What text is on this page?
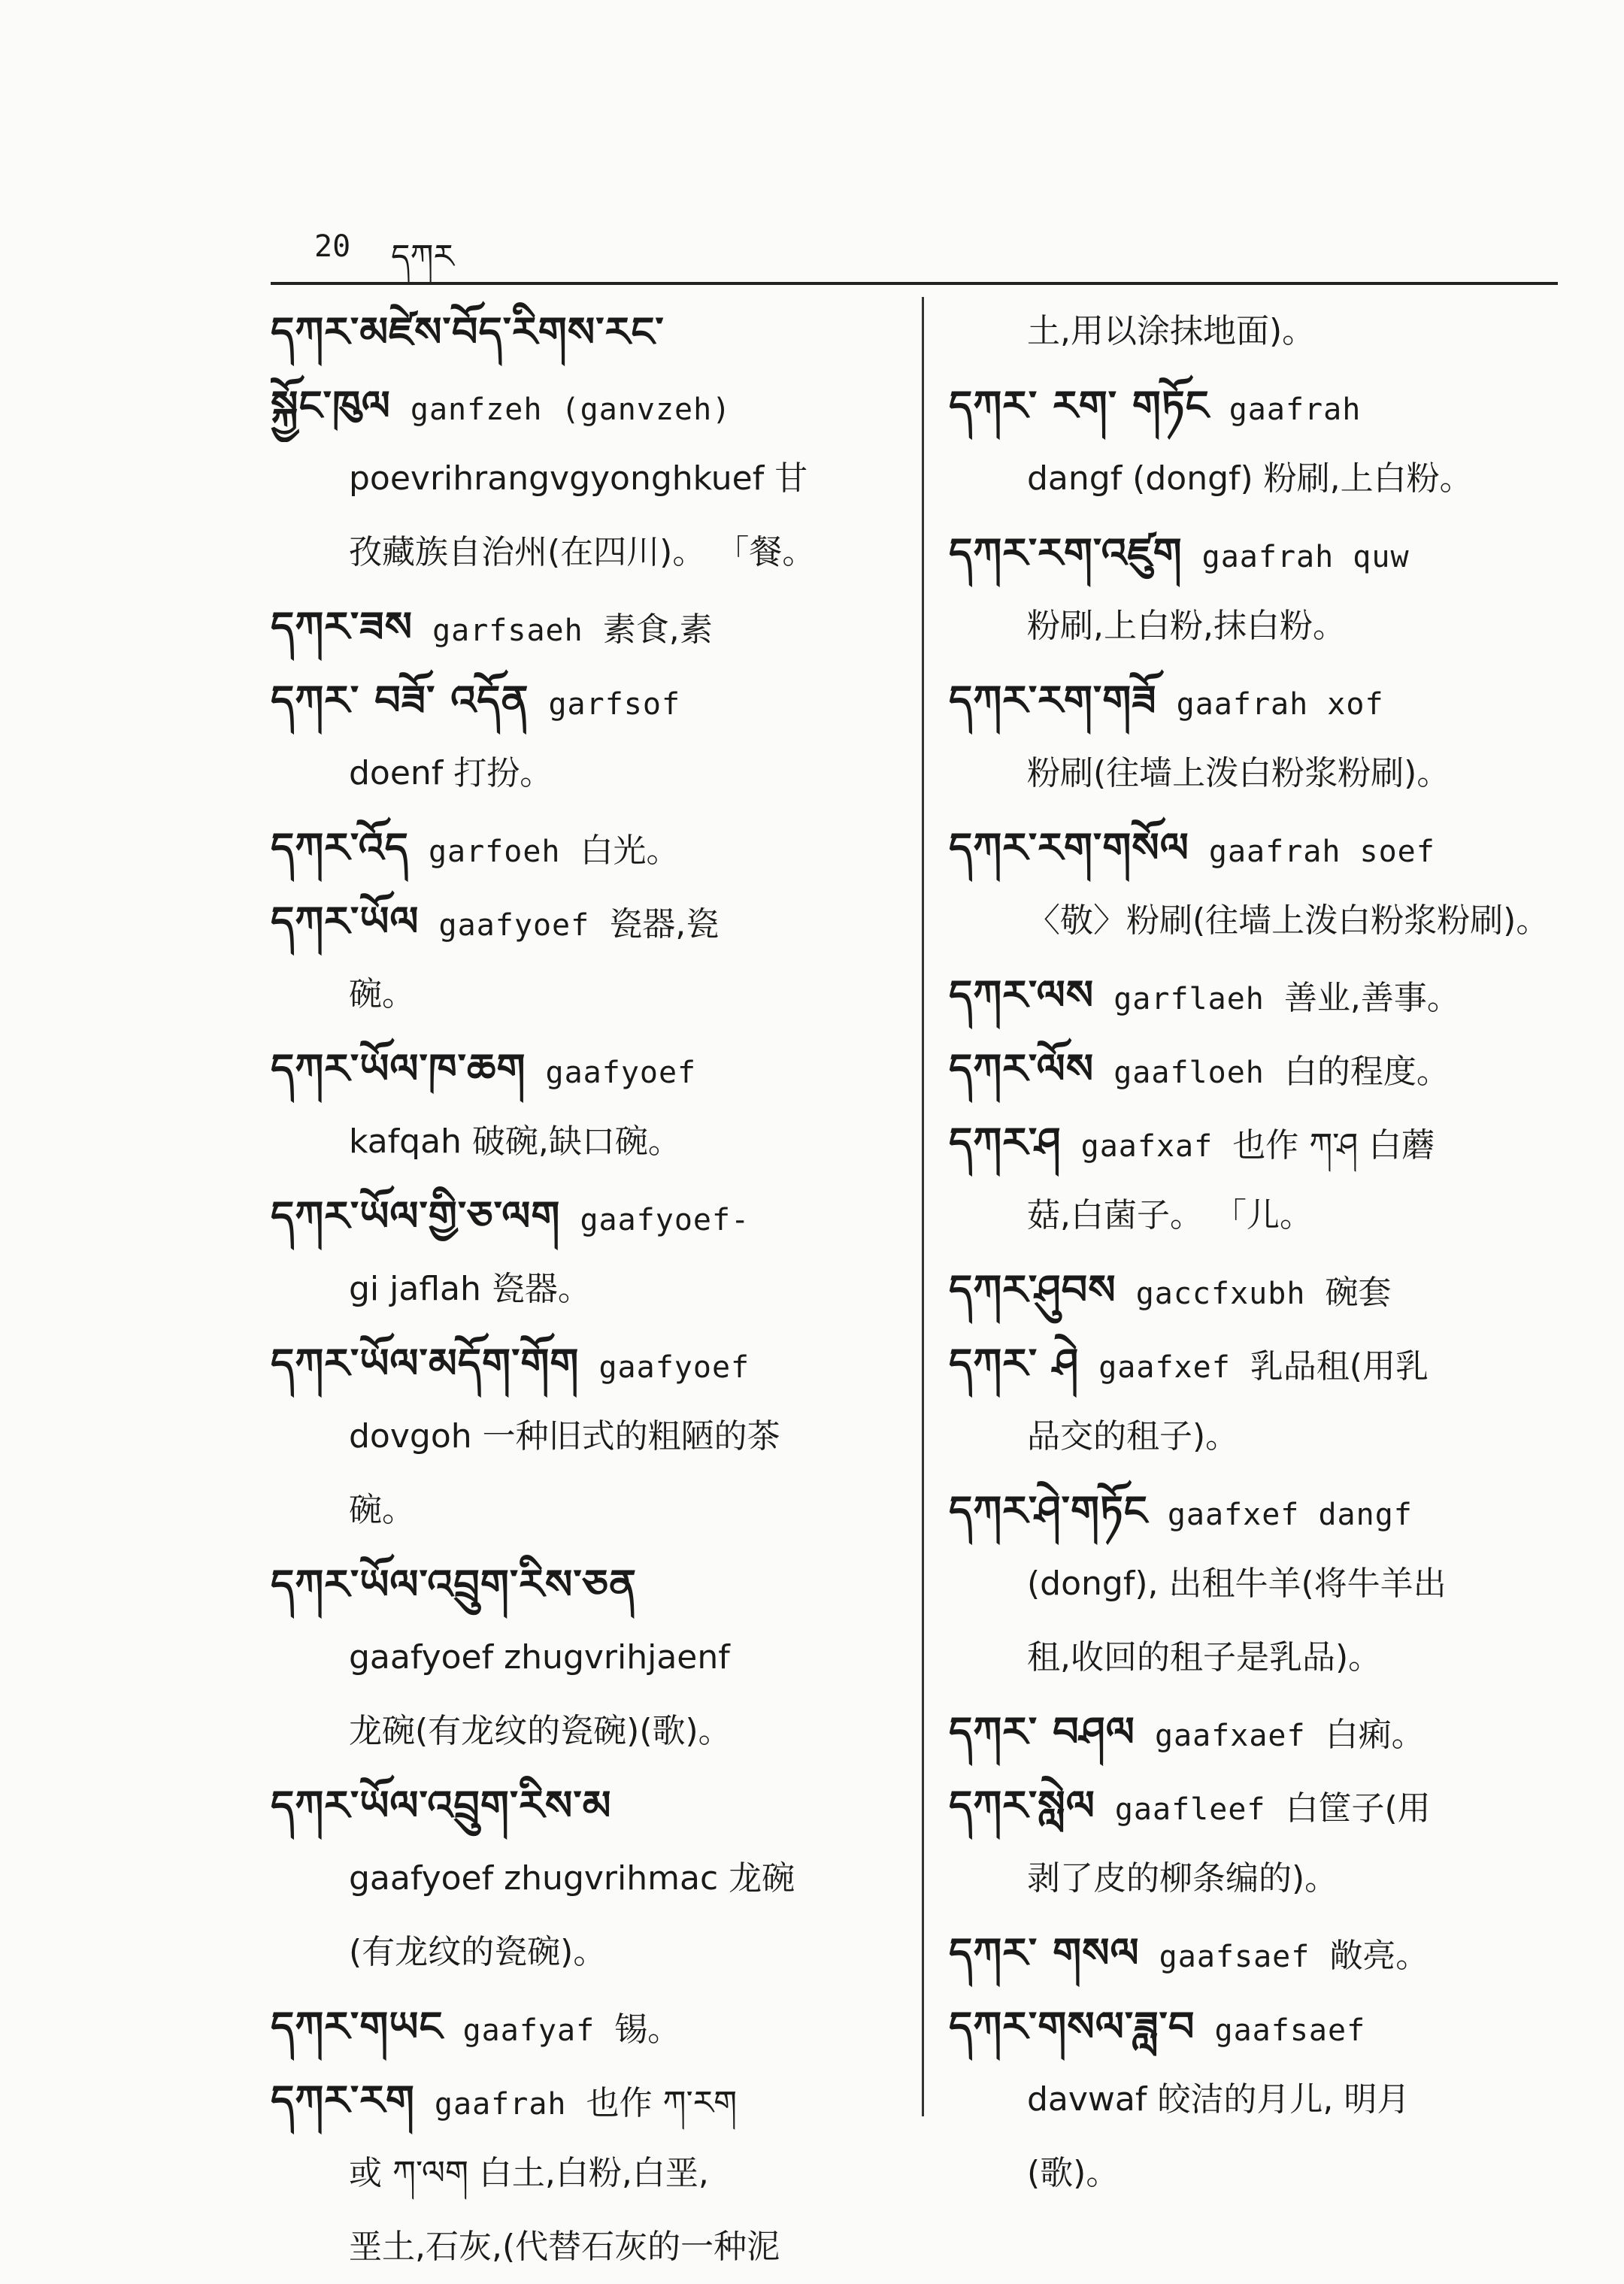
20 དཀར
དཀར་མཛེས་བོད་རིགས་རང་
སྐྱོང་ཁུལ ganfzeh (ganvzeh)
poevrihrangvgyonghkuef 甘
孜藏族自治州(在四川)。 「餐。
དཀར་ཟས garfsaeh 素食,素
དཀར་ བཟོ་ འདོན garfsof
doenf 打扮。
དཀར་འོད garfoeh 白光。
དཀར་ཡོལ gaafyoef 瓷器,瓷
碗。
དཀར་ཡོལ་ཁ་ཆག gaafyoef
kafqah 破碗,缺口碗。
དཀར་ཡོལ་གྱི་ཅ་ལག gaafyoef-
gi jaflah 瓷器。
དཀར་ཡོལ་མདོག་གོག gaafyoef
dovgoh 一种旧式的粗陋的茶
碗。
དཀར་ཡོལ་འབྲུག་རིས་ཅན
gaafyoef zhugvrihjaenf
龙碗(有龙纹的瓷碗)(歌)。
དཀར་ཡོལ་འབྲུག་རིས་མ
gaafyoef zhugvrihmac 龙碗
(有龙纹的瓷碗)。
དཀར་གཡང gaafyaf 锡。
དཀར་རག gaafrah 也作 ཀ་རག
或 ཀ་ལག 白土,白粉,白垩,
垩土,石灰,(代替石灰的一种泥
土,用以涂抹地面)。
དཀར་ རག་ གཏོང gaafrah
dangf (dongf) 粉刷,上白粉。
དཀར་རག་འཛུག gaafrah quw
粉刷,上白粉,抹白粉。
དཀར་རག་གཟོ gaafrah xof
粉刷(往墙上泼白粉浆粉刷)。
དཀར་རག་གསོལ gaafrah soef
〈敬〉粉刷(往墙上泼白粉浆粉刷)。
དཀར་ལས garflaeh 善业,善事。
དཀར་ལོས gaafloeh 白的程度。
དཀར་ཤ gaafxaf 也作 ཀ་ཤ 白蘑
菇,白菌子。 「儿。
དཀར་ཤུབས gaccfxubh 碗套
དཀར་ ཤེ gaafxef 乳品租(用乳
品交的租子)。
དཀར་ཤེ་གཏོང gaafxef dangf
(dongf), 出租牛羊(将牛羊出
租,收回的租子是乳品)。
དཀར་ བཤལ gaafxaef 白痢。
དཀར་སླེལ gaafleef 白筐子(用
剥了皮的柳条编的)。
དཀར་ གསལ gaafsaef 敞亮。
དཀར་གསལ་ཟླ་བ gaafsaef
davwaf 皎洁的月儿, 明月
(歌)。
